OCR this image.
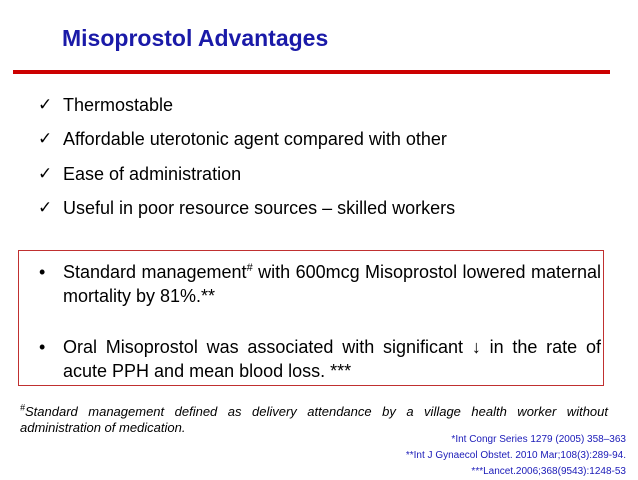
Misoprostol Advantages
✓ Thermostable
✓ Affordable uterotonic agent compared with other
✓ Ease of administration
✓ Useful in poor resource sources – skilled workers
• Standard management# with 600mcg Misoprostol lowered maternal mortality by 81%.**
• Oral Misoprostol was associated with significant ↓ in the rate of acute PPH and mean blood loss. ***
#Standard management defined as delivery attendance by a village health worker without administration of medication.
*Int Congr Series 1279 (2005) 358–363
**Int J Gynaecol Obstet. 2010 Mar;108(3):289-94.
***Lancet.2006;368(9543):1248-53
